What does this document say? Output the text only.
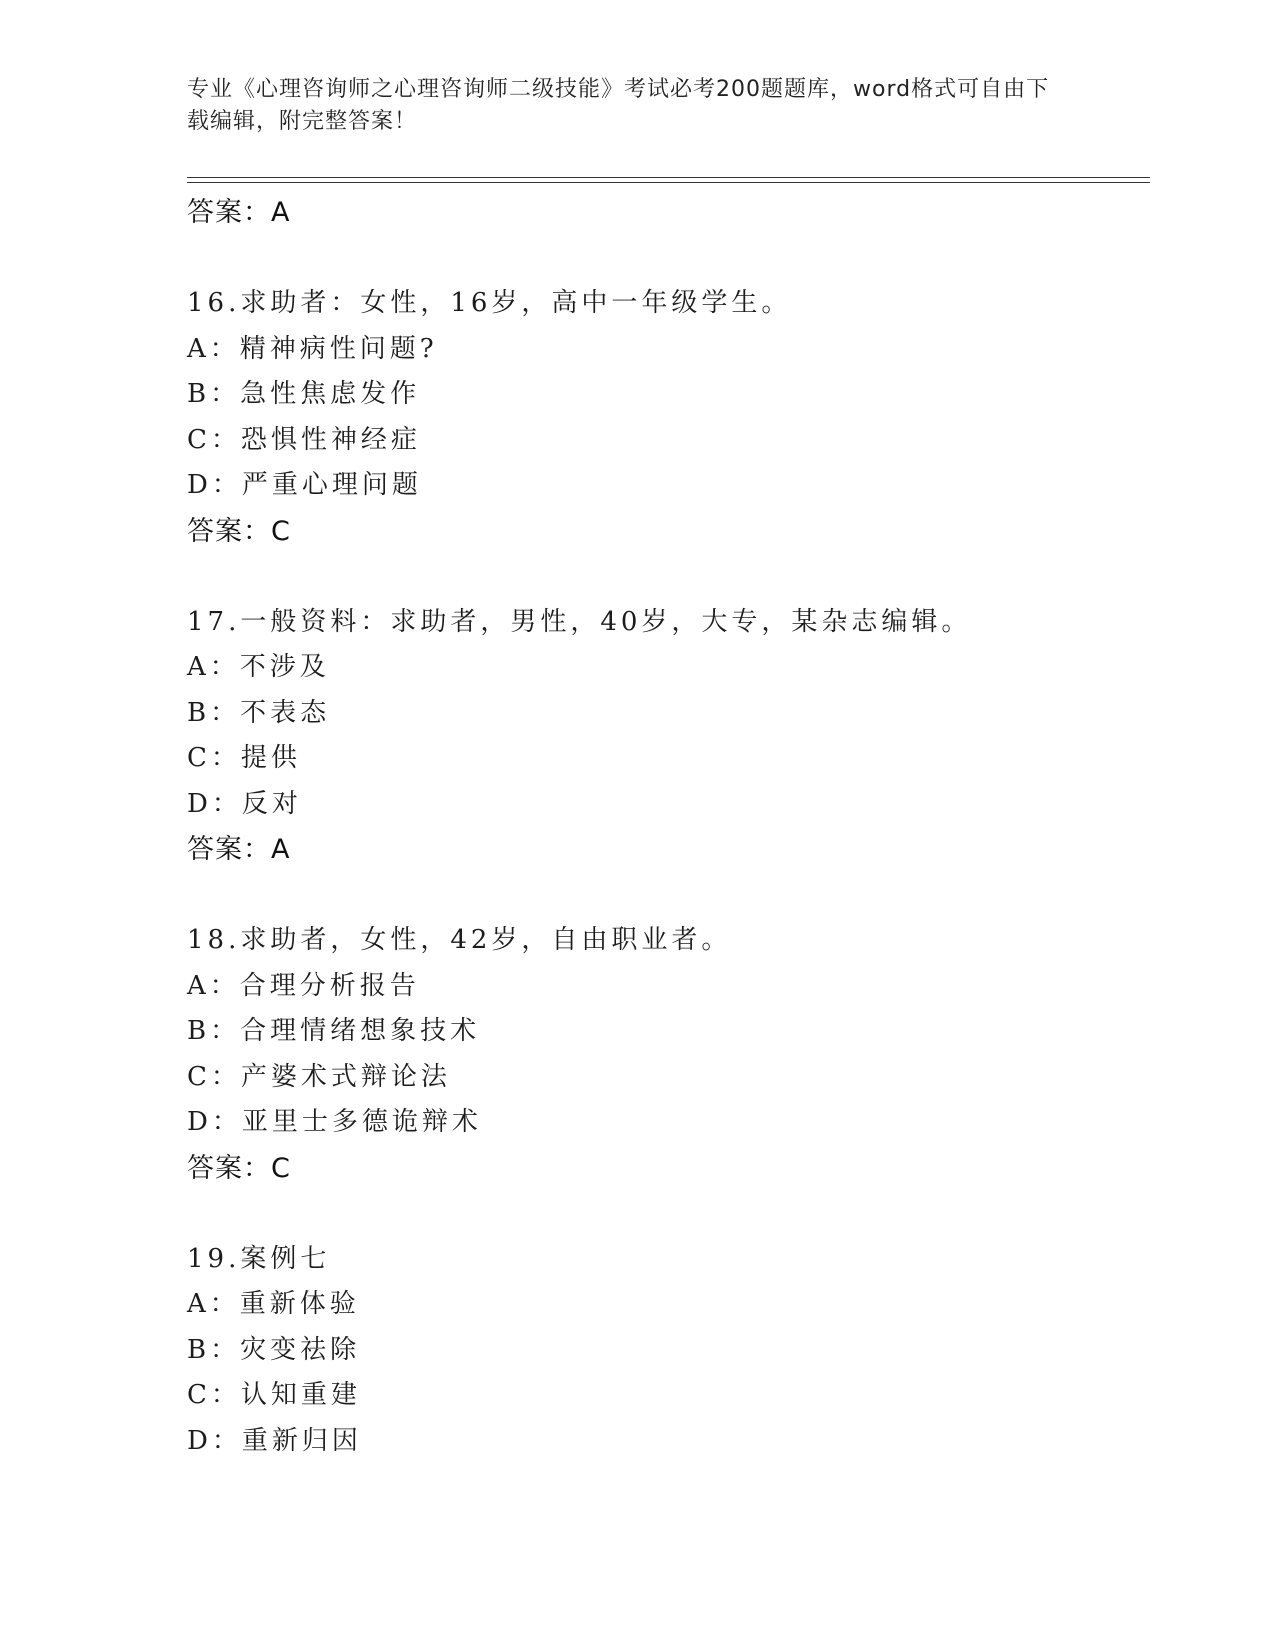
专业《心理咨询师之心理咨询师二级技能》考试必考200题题库，word格式可自由下载编辑，附完整答案！
答案：A
16.求助者：女性，16岁，高中一年级学生。
A：精神病性问题?
B：急性焦虑发作
C：恐惧性神经症
D：严重心理问题
答案：C
17.一般资料：求助者，男性，40岁，大专，某杂志编辑。
A：不涉及
B：不表态
C：提供
D：反对
答案：A
18.求助者，女性，42岁，自由职业者。
A：合理分析报告
B：合理情绪想象技术
C：产婆术式辩论法
D：亚里士多德诡辩术
答案：C
19.案例七
A：重新体验
B：灾变祛除
C：认知重建
D：重新归因
